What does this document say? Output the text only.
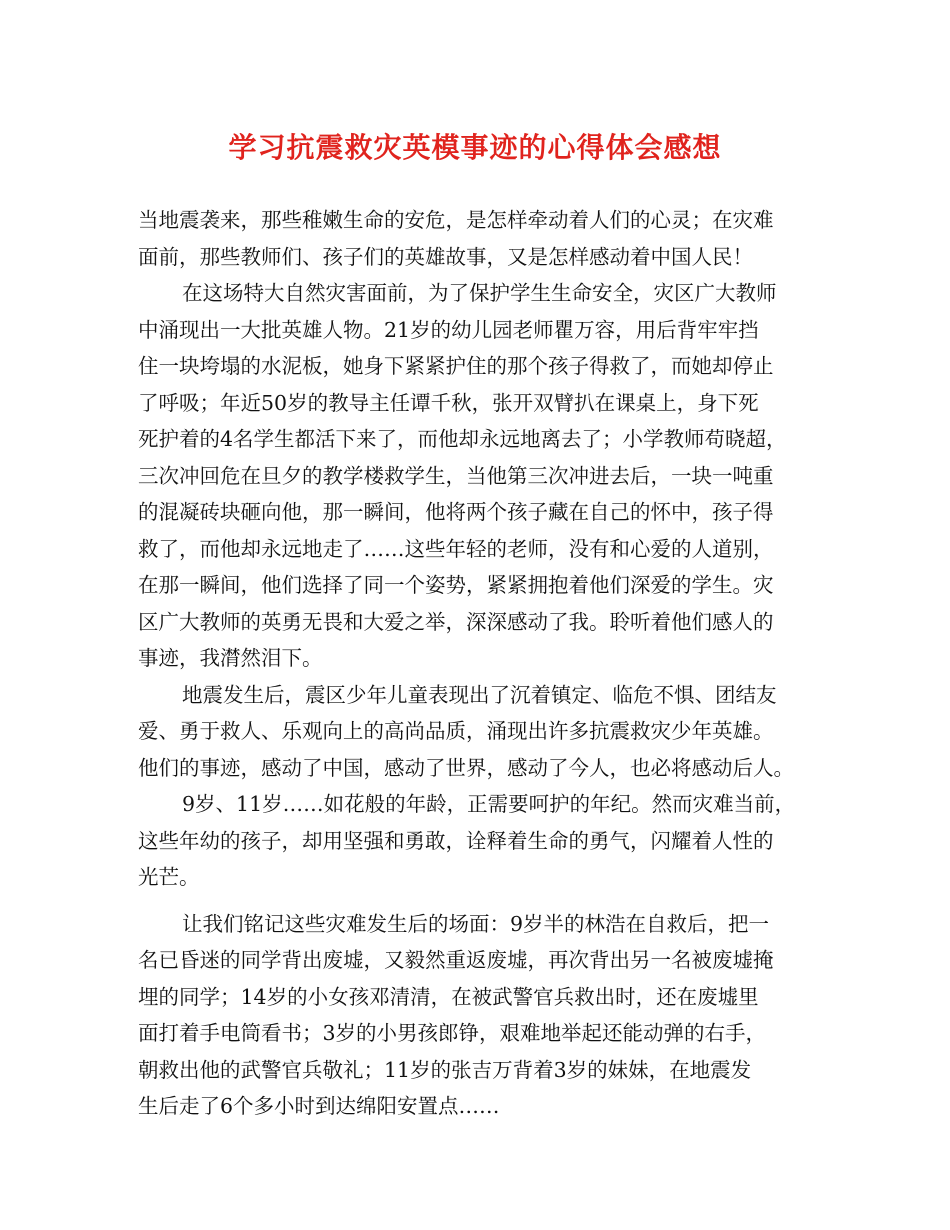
学习抗震救灾英模事迹的心得体会感想
当地震袭来，那些稚嫩生命的安危，是怎样牵动着人们的心灵；在灾难
面前，那些教师们、孩子们的英雄故事，又是怎样感动着中国人民！
在这场特大自然灾害面前，为了保护学生生命安全，灾区广大教师
中涌现出一大批英雄人物。21岁的幼儿园老师瞿万容，用后背牢牢挡
住一块垮塌的水泥板，她身下紧紧护住的那个孩子得救了，而她却停止
了呼吸；年近50岁的教导主任谭千秋，张开双臂扒在课桌上，身下死
死护着的4名学生都活下来了，而他却永远地离去了；小学教师苟晓超，
三次冲回危在旦夕的教学楼救学生，当他第三次冲进去后，一块一吨重
的混凝砖块砸向他，那一瞬间，他将两个孩子藏在自己的怀中，孩子得
救了，而他却永远地走了……这些年轻的老师，没有和心爱的人道别，
在那一瞬间，他们选择了同一个姿势，紧紧拥抱着他们深爱的学生。灾
区广大教师的英勇无畏和大爱之举，深深感动了我。聆听着他们感人的
事迹，我潸然泪下。
地震发生后，震区少年儿童表现出了沉着镇定、临危不惧、团结友
爱、勇于救人、乐观向上的高尚品质，涌现出许多抗震救灾少年英雄。
他们的事迹，感动了中国，感动了世界，感动了今人，也必将感动后人。
9岁、11岁……如花般的年龄，正需要呵护的年纪。然而灾难当前，
这些年幼的孩子，却用坚强和勇敢，诠释着生命的勇气，闪耀着人性的
光芒。
让我们铭记这些灾难发生后的场面：9岁半的林浩在自救后，把一
名已昏迷的同学背出废墟，又毅然重返废墟，再次背出另一名被废墟掩
埋的同学；14岁的小女孩邓清清，在被武警官兵救出时，还在废墟里
面打着手电筒看书；3岁的小男孩郎铮，艰难地举起还能动弹的右手，
朝救出他的武警官兵敬礼；11岁的张吉万背着3岁的妹妹，在地震发
生后走了6个多小时到达绵阳安置点……
